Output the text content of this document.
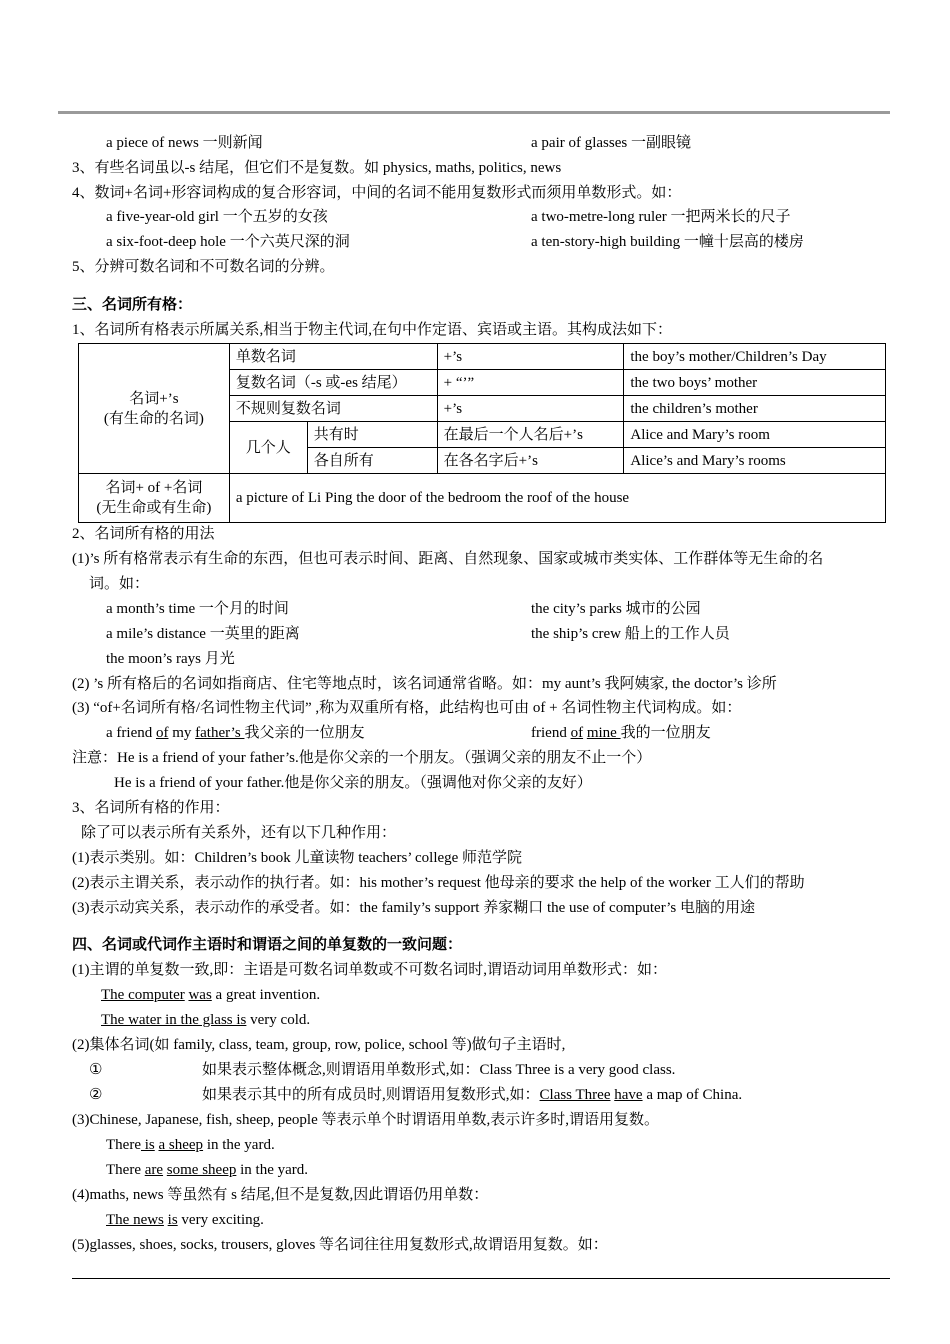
a piece of news 一则新闻	a pair of glasses 一副眼镜
3、有些名词虽以-s 结尾，但它们不是复数。如 physics, maths, politics, news
4、数词+名词+形容词构成的复合形容词，中间的名词不能用复数形式而须用单数形式。如：
a five-year-old girl 一个五岁的女孩	a two-metre-long ruler 一把两米长的尺子
a six-foot-deep hole 一个六英尺深的洞	a ten-story-high building 一幢十层高的楼房
5、分辨可数名词和不可数名词的分辨。
三、名词所有格：
1、名词所有格表示所属关系,相当于物主代词,在句中作定语、宾语或主语。其构成法如下：
名词+’s
(有生命的名词)	单数名词		+’s	the boy’s mother/Children’s Day
	复数名词（-s 或-es 结尾）		+ “’”	the two boys’ mother
	不规则复数名词		+’s	the children’s mother
	几个人	共有时	在最后一个人名后+’s	Alice and Mary’s room
		各自所有	在各名字后+’s	Alice’s and Mary’s rooms

名词+ of +名词
(无生命或有生命)	a picture of Li Ping the door of the bedroom the roof of the house			
2、名词所有格的用法
(1)’s 所有格常表示有生命的东西，但也可表示时间、距离、自然现象、国家或城市类实体、工作群体等无生命的名
词。如：
a month’s time 一个月的时间	the city’s parks 城市的公园
a mile’s distance 一英里的距离	the ship’s crew 船上的工作人员
the moon’s rays 月光
(2) ’s 所有格后的名词如指商店、住宅等地点时，该名词通常省略。如：my aunt’s 我阿姨家, the doctor’s 诊所
(3) “of+名词所有格/名词性物主代词” ,称为双重所有格，此结构也可由 of + 名词性物主代词构成。如：
a friend of my father’s 我父亲的一位朋友	friend of mine 我的一位朋友
注意：He is a friend of your father’s.他是你父亲的一个朋友。（强调父亲的朋友不止一个）
He is a friend of your father.他是你父亲的朋友。（强调他对你父亲的友好）
3、名词所有格的作用：
除了可以表示所有关系外，还有以下几种作用：
(1)表示类别。如：Children’s book 儿童读物 teachers’ college 师范学院
(2)表示主谓关系，表示动作的执行者。如：his mother’s request 他母亲的要求 the help of the worker 工人们的帮助
(3)表示动宾关系，表示动作的承受者。如：the family’s support 养家糊口 the use of computer’s 电脑的用途
四、名词或代词作主语时和谓语之间的单复数的一致问题：
(1)主谓的单复数一致,即：主语是可数名词单数或不可数名词时,谓语动词用单数形式：如：
The computer was a great invention.
The water in the glass is very cold.
(2)集体名词(如 family, class, team, group, row, police, school 等)做句子主语时,
①	如果表示整体概念,则谓语用单数形式,如：Class Three is a very good class.
②	如果表示其中的所有成员时,则谓语用复数形式,如：Class Three have a map of China.
(3)Chinese, Japanese, fish, sheep, people 等表示单个时谓语用单数,表示许多时,谓语用复数。
There is a sheep in the yard.
There are some sheep in the yard.
(4)maths, news 等虽然有 s 结尾,但不是复数,因此谓语仍用单数：
The news is very exciting.
(5)glasses, shoes, socks, trousers, gloves 等名词往往用复数形式,故谓语用复数。如：
